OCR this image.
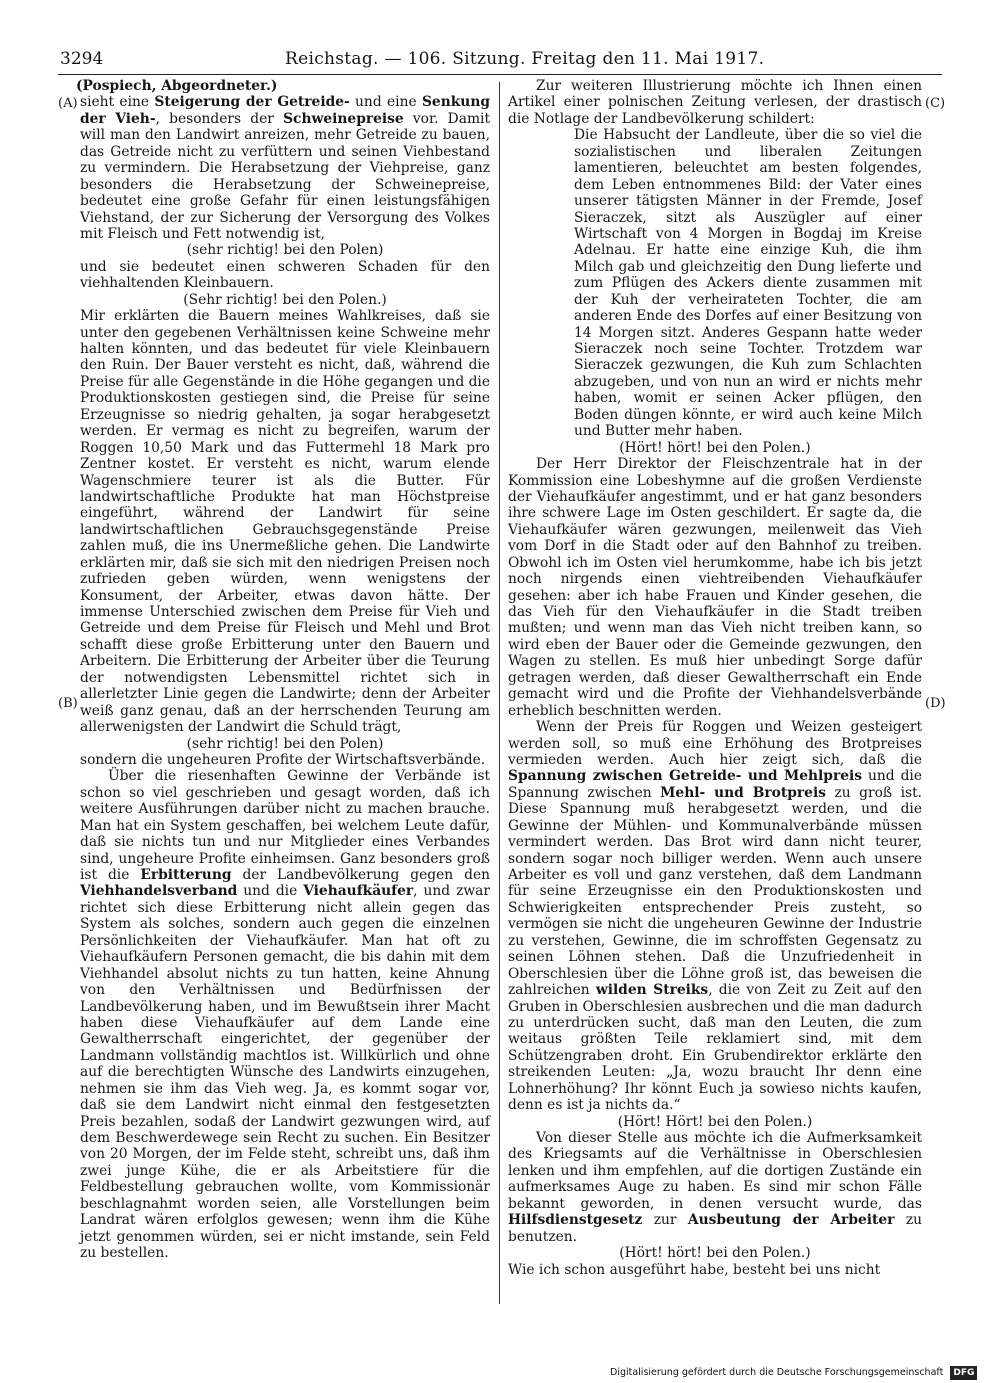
3294	Reichstag. — 106. Sitzung. Freitag den 11. Mai 1917.
(A)
(B)
(C)
(D)

(Pospiech, Abgeordneter.)

sieht eine Steigerung der Getreide- und eine Senkung der Vieh-, besonders der Schweinepreise vor. Damit will man den Landwirt anreizen, mehr Getreide zu bauen, das Getreide nicht zu verfüttern und seinen Viehbestand zu vermindern. Die Herabsetzung der Viehpreise, ganz besonders die Herabsetzung der Schweinepreise, bedeutet eine große Gefahr für einen leistungsfähigen Viehstand, der zur Sicherung der Versorgung des Volkes mit Fleisch und Fett notwendig ist,

(sehr richtig! bei den Polen)

und sie bedeutet einen schweren Schaden für den viehhaltenden Kleinbauern.

(Sehr richtig! bei den Polen.)

Mir erklärten die Bauern meines Wahlkreises, daß sie unter den gegebenen Verhältnissen keine Schweine mehr halten könnten, und das bedeutet für viele Kleinbauern den Ruin. Der Bauer versteht es nicht, daß, während die Preise für alle Gegenstände in die Höhe gegangen und die Produktionskosten gestiegen sind, die Preise für seine Erzeugnisse so niedrig gehalten, ja sogar herabgesetzt werden. Er vermag es nicht zu begreifen, warum der Roggen 10,50 Mark und das Futtermehl 18 Mark pro Zentner kostet. Er versteht es nicht, warum elende Wagenschmiere teurer ist als die Butter. Für landwirtschaftliche Produkte hat man Höchstpreise eingeführt, während der Landwirt für seine landwirtschaftlichen Gebrauchsgegenstände Preise zahlen muß, die ins Unermeßliche gehen. Die Landwirte erklärten mir, daß sie sich mit den niedrigen Preisen noch zufrieden geben würden, wenn wenigstens der Konsument, der Arbeiter, etwas davon hätte. Der immense Unterschied zwischen dem Preise für Vieh und Getreide und dem Preise für Fleisch und Mehl und Brot schafft diese große Erbitterung unter den Bauern und Arbeitern. Die Erbitterung der Arbeiter über die Teurung der notwendigsten Lebensmittel richtet sich in allerletzter Linie gegen die Landwirte; denn der Arbeiter weiß ganz genau, daß an der herrschenden Teurung am allerwenigsten der Landwirt die Schuld trägt,

(sehr richtig! bei den Polen)

sondern die ungeheuren Profite der Wirtschaftsverbände.

Über die riesenhaften Gewinne der Verbände ist schon so viel geschrieben und gesagt worden, daß ich weitere Ausführungen darüber nicht zu machen brauche. Man hat ein System geschaffen, bei welchem Leute dafür, daß sie nichts tun und nur Mitglieder eines Verbandes sind, ungeheure Profite einheimsen. Ganz besonders groß ist die Erbitterung der Landbevölkerung gegen den Viehhandelsverband und die Viehaufkäufer, und zwar richtet sich diese Erbitterung nicht allein gegen das System als solches, sondern auch gegen die einzelnen Persönlichkeiten der Viehaufkäufer. Man hat oft zu Viehaufkäufern Personen gemacht, die bis dahin mit dem Viehhandel absolut nichts zu tun hatten, keine Ahnung von den Verhältnissen und Bedürfnissen der Landbevölkerung haben, und im Bewußtsein ihrer Macht haben diese Viehaufkäufer auf dem Lande eine Gewaltherrschaft eingerichtet, der gegenüber der Landmann vollständig machtlos ist. Willkürlich und ohne auf die berechtigten Wünsche des Landwirts einzugehen, nehmen sie ihm das Vieh weg. Ja, es kommt sogar vor, daß sie dem Landwirt nicht einmal den festgesetzten Preis bezahlen, sodaß der Landwirt gezwungen wird, auf dem Beschwerdewege sein Recht zu suchen. Ein Besitzer von 20 Morgen, der im Felde steht, schreibt uns, daß ihm zwei junge Kühe, die er als Arbeitstiere für die Feldbestellung gebrauchen wollte, vom Kommissionär beschlagnahmt worden seien, alle Vorstellungen beim Landrat wären erfolglos gewesen; wenn ihm die Kühe jetzt genommen würden, sei er nicht imstande, sein Feld zu bestellen.

Zur weiteren Illustrierung möchte ich Ihnen einen Artikel einer polnischen Zeitung verlesen, der drastisch die Notlage der Landbevölkerung schildert:

Die Habsucht der Landleute, über die so viel die sozialistischen und liberalen Zeitungen lamentieren, beleuchtet am besten folgendes, dem Leben entnommenes Bild: der Vater eines unserer tätigsten Männer in der Fremde, Josef Sieraczek, sitzt als Auszügler auf einer Wirtschaft von 4 Morgen in Bogdaj im Kreise Adelnau. Er hatte eine einzige Kuh, die ihm Milch gab und gleichzeitig den Dung lieferte und zum Pflügen des Ackers diente zusammen mit der Kuh der verheirateten Tochter, die am anderen Ende des Dorfes auf einer Besitzung von 14 Morgen sitzt. Anderes Gespann hatte weder Sieraczek noch seine Tochter. Trotzdem war Sieraczek gezwungen, die Kuh zum Schlachten abzugeben, und von nun an wird er nichts mehr haben, womit er seinen Acker pflügen, den Boden düngen könnte, er wird auch keine Milch und Butter mehr haben.

(Hört! hört! bei den Polen.)

Der Herr Direktor der Fleischzentrale hat in der Kommission eine Lobeshymne auf die großen Verdienste der Viehaufkäufer angestimmt, und er hat ganz besonders ihre schwere Lage im Osten geschildert. Er sagte da, die Viehaufkäufer wären gezwungen, meilenweit das Vieh vom Dorf in die Stadt oder auf den Bahnhof zu treiben. Obwohl ich im Osten viel herumkomme, habe ich bis jetzt noch nirgends einen viehtreibenden Viehaufkäufer gesehen: aber ich habe Frauen und Kinder gesehen, die das Vieh für den Viehaufkäufer in die Stadt treiben mußten; und wenn man das Vieh nicht treiben kann, so wird eben der Bauer oder die Gemeinde gezwungen, den Wagen zu stellen. Es muß hier unbedingt Sorge dafür getragen werden, daß dieser Gewaltherrschaft ein Ende gemacht wird und die Profite der Viehhandelsverbände erheblich beschnitten werden.

Wenn der Preis für Roggen und Weizen gesteigert werden soll, so muß eine Erhöhung des Brotpreises vermieden werden. Auch hier zeigt sich, daß die Spannung zwischen Getreide- und Mehlpreis und die Spannung zwischen Mehl- und Brotpreis zu groß ist. Diese Spannung muß herabgesetzt werden, und die Gewinne der Mühlen- und Kommunalverbände müssen vermindert werden. Das Brot wird dann nicht teurer, sondern sogar noch billiger werden. Wenn auch unsere Arbeiter es voll und ganz verstehen, daß dem Landmann für seine Erzeugnisse ein den Produktionskosten und Schwierigkeiten entsprechender Preis zusteht, so vermögen sie nicht die ungeheuren Gewinne der Industrie zu verstehen, Gewinne, die im schroffsten Gegensatz zu seinen Löhnen stehen. Daß die Unzufriedenheit in Oberschlesien über die Löhne groß ist, das beweisen die zahlreichen wilden Streiks, die von Zeit zu Zeit auf den Gruben in Oberschlesien ausbrechen und die man dadurch zu unterdrücken sucht, daß man den Leuten, die zum weitaus größten Teile reklamiert sind, mit dem Schützengraben droht. Ein Grubendirektor erklärte den streikenden Leuten: „Ja, wozu braucht Ihr denn eine Lohnerhöhung? Ihr könnt Euch ja sowieso nichts kaufen, denn es ist ja nichts da.“

(Hört! Hört! bei den Polen.)

Von dieser Stelle aus möchte ich die Aufmerksamkeit des Kriegsamts auf die Verhältnisse in Oberschlesien lenken und ihm empfehlen, auf die dortigen Zustände ein aufmerksames Auge zu haben. Es sind mir schon Fälle bekannt geworden, in denen versucht wurde, das Hilfsdienstgesetz zur Ausbeutung der Arbeiter zu benutzen.

(Hört! hört! bei den Polen.)

Wie ich schon ausgeführt habe, besteht bei uns nicht

Digitalisierung gefördert durch die Deutsche Forschungsgemeinschaft DFG
